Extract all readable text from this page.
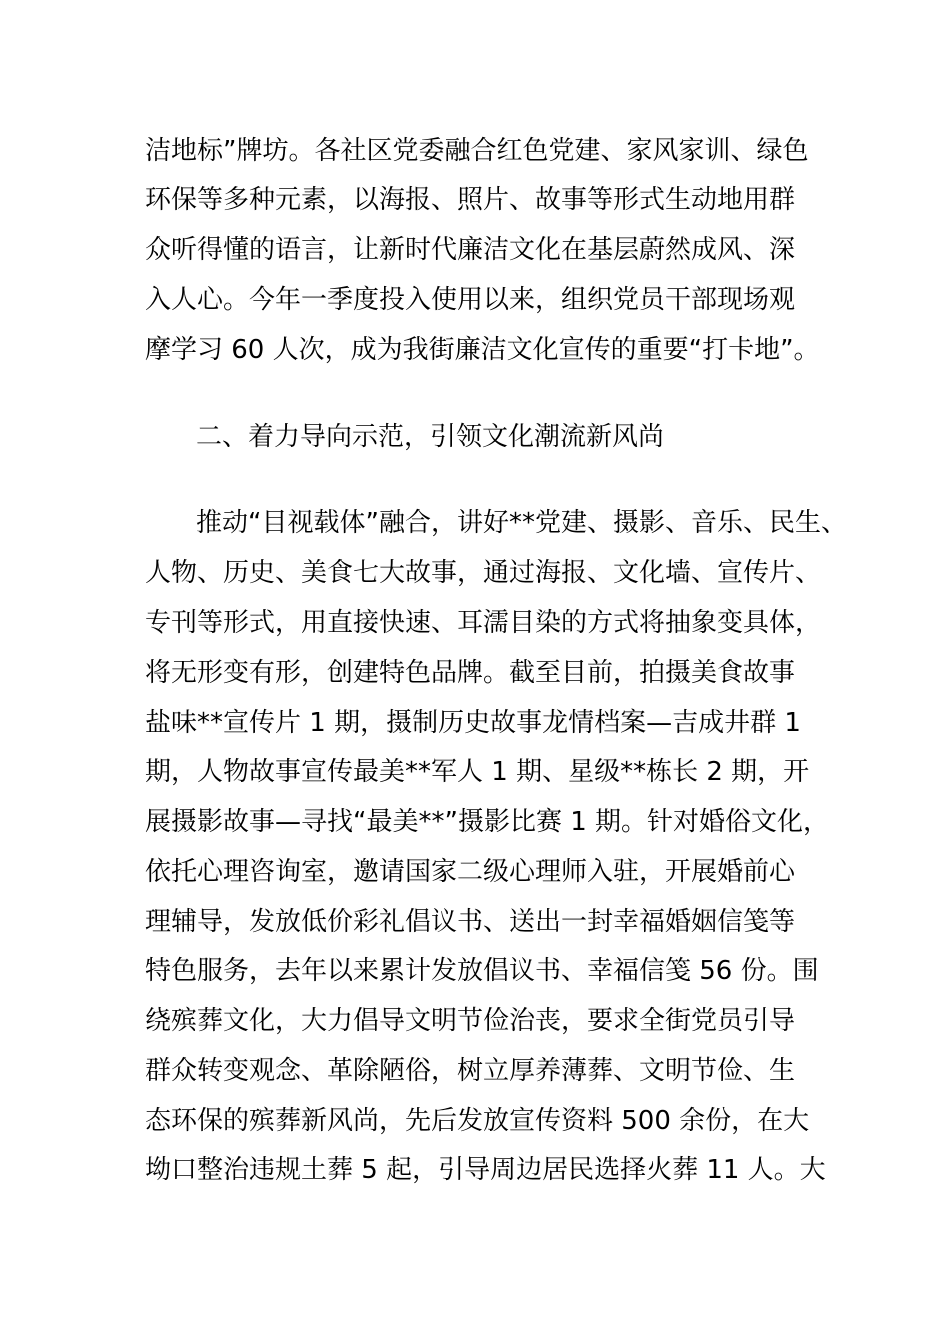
洁地标”牌坊。各社区党委融合红色党建、家风家训、绿色
环保等多种元素，以海报、照片、故事等形式生动地用群
众听得懂的语言，让新时代廉洁文化在基层蔚然成风、深
入人心。今年一季度投入使用以来，组织党员干部现场观
摩学习 60 人次，成为我街廉洁文化宣传的重要“打卡地”。
二、着力导向示范，引领文化潮流新风尚
推动“目视载体”融合，讲好**党建、摄影、音乐、民生、
人物、历史、美食七大故事，通过海报、文化墙、宣传片、
专刊等形式，用直接快速、耳濡目染的方式将抽象变具体，
将无形变有形，创建特色品牌。截至目前，拍摄美食故事
盐味**宣传片 1 期，摄制历史故事龙情档案—吉成井群 1
期，人物故事宣传最美**军人 1 期、星级**栋长 2 期，开
展摄影故事—寻找“最美**”摄影比赛 1 期。针对婚俗文化，
依托心理咨询室，邀请国家二级心理师入驻，开展婚前心
理辅导，发放低价彩礼倡议书、送出一封幸福婚姻信笺等
特色服务，去年以来累计发放倡议书、幸福信笺 56 份。围
绕殡葬文化，大力倡导文明节俭治丧，要求全街党员引导
群众转变观念、革除陋俗，树立厚养薄葬、文明节俭、生
态环保的殡葬新风尚，先后发放宣传资料 500 余份，在大
坳口整治违规土葬 5 起，引导周边居民选择火葬 11 人。大
